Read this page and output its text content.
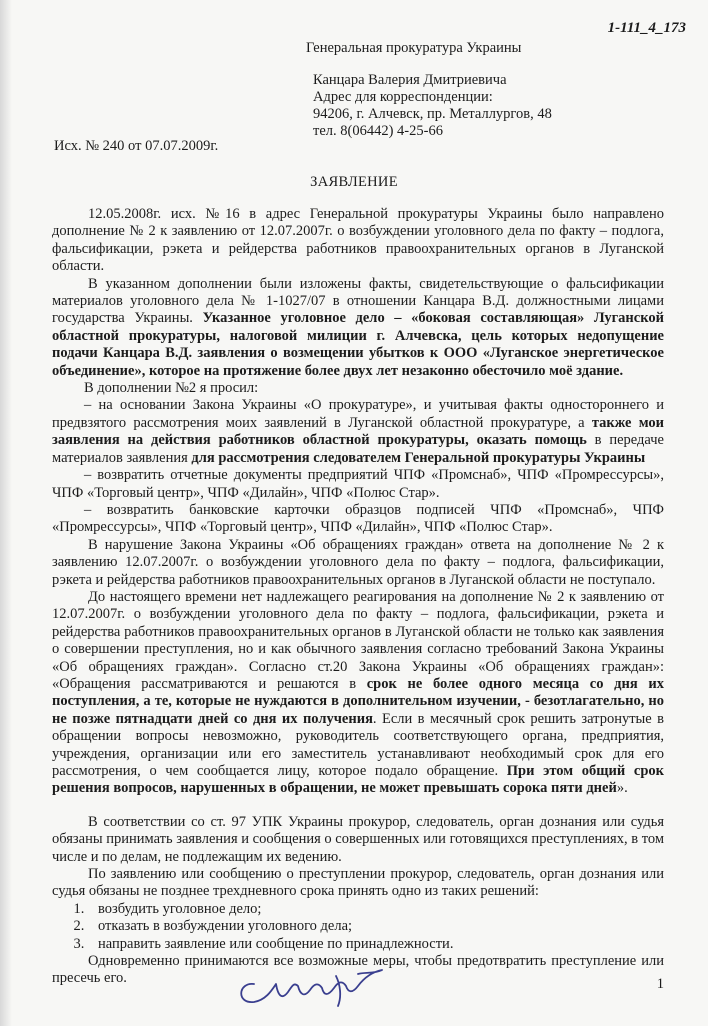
1-111_4_173
Генеральная прокуратура Украины
Канцара Валерия Дмитриевича
Адрес для корреспонденции:
94206, г. Алчевск, пр. Металлургов, 48
тел. 8(06442) 4-25-66
Исх. № 240 от 07.07.2009г.
ЗАЯВЛЕНИЕ

12.05.2008г. исх. №16 в адрес Генеральной прокуратуры Украины было направлено дополнение № 2 к заявлению от 12.07.2007г. о возбуждении уголовного дела по факту – подлога, фальсификации, рэкета и рейдерства работников правоохранительных органов в Луганской области.

В указанном дополнении были изложены факты, свидетельствующие о фальсификации материалов уголовного дела № 1-1027/07 в отношении Канцара В.Д. должностными лицами государства Украины. Указанное уголовное дело – «боковая составляющая» Луганской областной прокуратуры, налоговой милиции г. Алчевска, цель которых недопущение подачи Канцара В.Д. заявления о возмещении убытков к ООО «Луганское энергетическое объединение», которое на протяжение более двух лет незаконно обесточило моё здание.

В дополнении №2 я просил:

– на основании Закона Украины «О прокуратуре», и учитывая факты одностороннего и предвзятого рассмотрения моих заявлений в Луганской областной прокуратуре, а также мои заявления на действия работников областной прокуратуры, оказать помощь в передаче материалов заявления для рассмотрения следователем Генеральной прокуратуры Украины

– возвратить отчетные документы предприятий ЧПФ «Промснаб», ЧПФ «Промрессурсы», ЧПФ «Торговый центр», ЧПФ «Дилайн», ЧПФ «Полюс Стар».

– возвратить банковские карточки образцов подписей ЧПФ «Промснаб», ЧПФ «Промрессурсы», ЧПФ «Торговый центр», ЧПФ «Дилайн», ЧПФ «Полюс Стар».

В нарушение Закона Украины «Об обращениях граждан» ответа на дополнение № 2 к заявлению 12.07.2007г. о возбуждении уголовного дела по факту – подлога, фальсификации, рэкета и рейдерства работников правоохранительных органов в Луганской области не поступало.

До настоящего времени нет надлежащего реагирования на дополнение № 2 к заявлению от 12.07.2007г. о возбуждении уголовного дела по факту – подлога, фальсификации, рэкета и рейдерства работников правоохранительных органов в Луганской области не только как заявления о совершении преступления, но и как обычного заявления согласно требований Закона Украины «Об обращениях граждан». Согласно ст.20 Закона Украины «Об обращениях граждан»: «Обращения рассматриваются и решаются в срок не более одного месяца со дня их поступления, а те, которые не нуждаются в дополнительном изучении, - безотлагательно, но не позже пятнадцати дней со дня их получения. Если в месячный срок решить затронутые в обращении вопросы невозможно, руководитель соответствующего органа, предприятия, учреждения, организации или его заместитель устанавливают необходимый срок для его рассмотрения, о чем сообщается лицу, которое подало обращение. При этом общий срок решения вопросов, нарушенных в обращении, не может превышать сорока пяти дней».

В соответствии со ст. 97 УПК Украины прокурор, следователь, орган дознания или судья обязаны принимать заявления и сообщения о совершенных или готовящихся преступлениях, в том числе и по делам, не подлежащим их ведению.

По заявлению или сообщению о преступлении прокурор, следователь, орган дознания или судья обязаны не позднее трехдневного срока принять одно из таких решений:

1. возбудить уголовное дело;
2. отказать в возбуждении уголовного дела;
3. направить заявление или сообщение по принадлежности.

Одновременно принимаются все возможные меры, чтобы предотвратить преступление или пресечь его.	1
